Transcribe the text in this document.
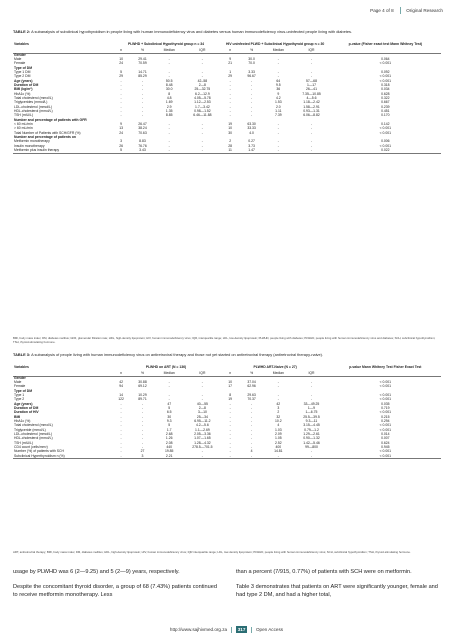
Page 4 of 8	Original Research
TABLE 2: A subanalysis of subclinical hypothyroidism in people living with human immunodeficiency virus and diabetes versus human immunodeficiency virus-uninfected people living with diabetes.
Variables	PLWHD + Subclinical Hypothyroid group n = 34				HIV uninfected PLWD + Subclinical Hypothyroid group n = 30				p-value (Fisher exact test Mann Whitney Test)
	n	%	Median	IQR	n	%	Median	IQR	
Gender									
Male	10	29.41	-	-	9	30.0	-	-	0.064
Female	24	70.59	-	-	21	70.0	-	-	< 0.001
Type of DM									
Type 1 DM	5	14.71	-	-	1	3.33	-	-	0.092
Type 2 DM	29	85.29	-	-	29	96.67	-	-	< 0.001
Age (years)	-	-	50.5	42–58	-	-	64	57—68	< 0.001
Duration of DM	-	-	8.48	2—8	-	-	9.5	1—17	0.318
BMI (kg/m²)	-	-	30.0	25—32.75	-	-	36	26—41	0.034
HbA1c (%)	-	-	8	6.2—12.9	-	-	9	7.35—10.85	0.628
Total cholesterol (mmol/L)	-	-	4.8	4.05—5.78	-	-	4.2	4—5.6	0.322
Triglycerides (mmol/L)	-	-	1.69	1.12—2.53	-	-	1.53	1.18—2.42	0.667
LDL-cholesterol (mmol/L)	-	-	2.9	1.7—3.42	-	-	2.0	1.58—2.91	0.239
HDL-cholesterol (mmol/L)	-	-	1.35	0.98—1.52	-	-	1.11	0.93—1.31	0.451
TSH (mIU/L)	-	-	8.85	6.46—11.88	-	-	7.39	6.06—8.82	0.170
Number and percentage of patients with GFR									
< 60 mL/min	9	26.47	-	-	19	63.30	-	-	0.142
> 60 mL/min	13	38.24	-	-	10	33.33	-	-	< 0.001
Total Number of Patients with SCH/GFR (%)	24	70.63	-	-	30	4.0	-	-	< 0.001
Number and percentage of patients on									
Metformin monotherapy	3	8.83	-	-	2	0.27	-	-	0.006
Insulin monotherapy	26	76.76	-	-	28	3.73	-	-	< 0.001
Metformin plus insulin therapy	5	3.43	-	-	11	1.47	-	-	0.022
BMI, body mass index; DM, diabetes mellitus; GFR, glomerular filtration rate; HDL, high-density lipoprotein; HIV, human immunodeficiency virus; IQR, interquartile range; LDL, low-density lipoprotein; PLWHD, people living with diabetes; PLWHD, people living with human immunodeficiency virus and diabetes; SCH, subclinical hypothyroidism; TSH, thyroid-stimulating hormone.
TABLE 3: A subanalysis of people living with human immunodeficiency virus on antiretroviral therapy and those not yet started on antiretroviral therapy (antiretroviral therapy-naive).
Variables	PLWHD on ART (N = 136)				PLWHD ART-Naive (N = 27)				p-value Mann Whitney Test Fisher Exact Test
	n	%	Median	IQR	n	%	Median	IQR	
Gender									
Male	42	30.88	-	-	10	37.04	-	-	< 0.001
Female	94	69.12	-	-	17	62.96	-	-	< 0.001
Type of DM									
Type 1	14	10.29	-	-	8	29.63	-	-	< 0.001
Type 2	122	89.71	-	-	19	70.37	-	-	< 0.001
Age (years)	-	-	47	40—55	-	-	42	33—49.25	0.035
Duration of DM	-	-	5	2—8	-	-	3	1—9	0.719
Duration of HIV	-	-	6.5	3—10	-	-	2	1—6.75	< 0.001
BMI	-	-	30	25—34	-	-	32	25.5—39.5	0.215
HbA1c (%)	-	-	9.3	6.95—11.2	-	-	10.2	9.3—11	0.294
Total cholesterol (mmol/L)	-	-	5	4.2—5.6	-	-	4	3.15—4.45	< 0.001
Triglyceride (mmol/L)	-	-	1.7	1.1—2.69	-	-	1.03	0.79—1.2	< 0.001
LDL-cholesterol (mmol/L)	-	-	2.68	2.05—3.36	-	-	2.09	1.29—2.61	0.014
HDL-cholesterol (mmol/L)	-	-	1.26	1.07—1.65	-	-	1.05	0.90—1.32	0.007
TSH (mIU/L)	-	-	2.08	1.28—4.32	-	-	2.52	1.42—5.46	0.624
CD4 count (cells/mm³)	-	-	440	278.5—701.5	-	-	400	99—800	0.945
Number (%) of patients with SCH	-	27	19.85	-	-	4	14.81	-	< 0.001
Subclinical Hyperthyroidism n (%)	-	3	2.21	-	-	-	-	-	< 0.001
ART, antiretroviral therapy; BMI, body mass index; DM, diabetes mellitus; HDL, high-density lipoprotein; HIV, human immunodeficiency virus; IQR interquartile range; LDL, low-density lipoprotein; PLWHD, people living with human immunodeficiency virus; SCH, subclinical hypothyroidism; TSH, thyroid-stimulating hormone.

usage by PLWHD was 6 (2—9.25) and 5 (2—9) years, respectively.

Despite the concomitant thyroid disorder, a group of 68 (7.43%) patients continued to receive metformin monotherapy. Less

than a percent (7/915, 0.77%) of patients with SCH were on metformin.

Table 3 demonstrates that patients on ART were significantly younger, female and had type 2 DM, and had a higher total,

http://www.sajhivmed.org.za	317	Open Access
